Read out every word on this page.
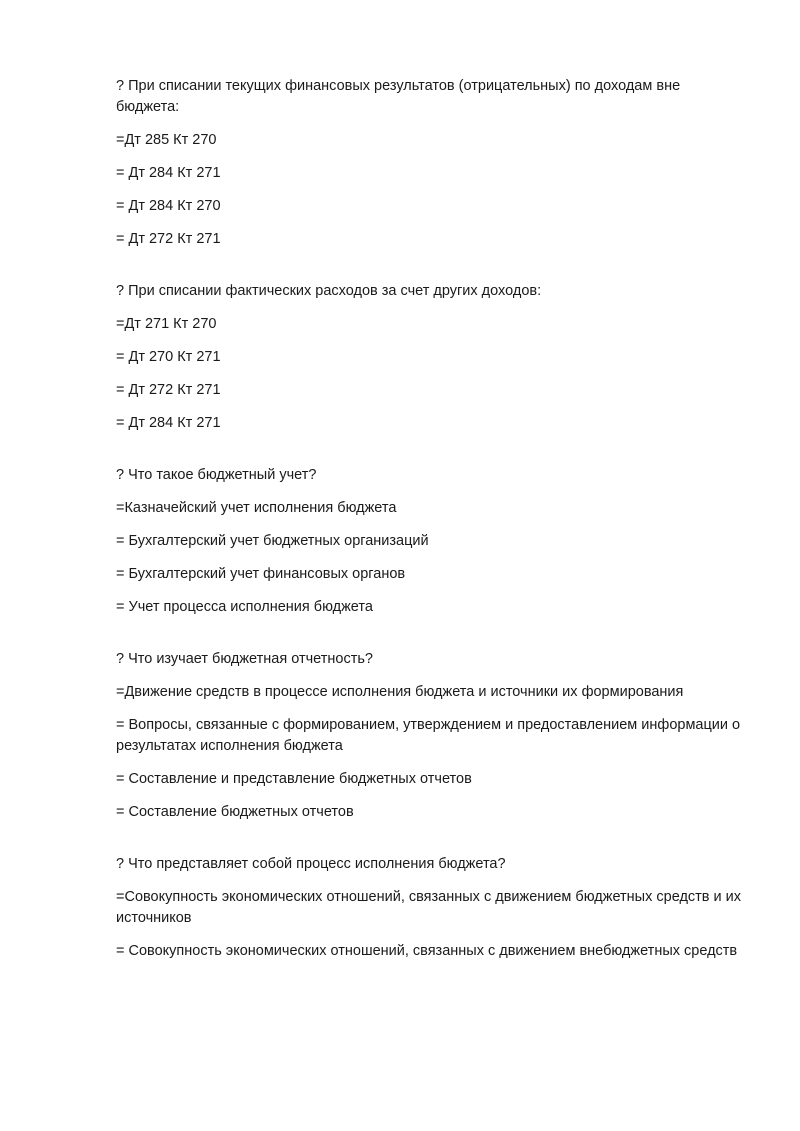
? При списании текущих финансовых результатов (отрицательных) по доходам вне бюджета:
=Дт 285 Кт 270
= Дт 284 Кт 271
= Дт 284 Кт 270
= Дт 272 Кт 271
? При списании фактических расходов за счет других доходов:
=Дт 271 Кт 270
= Дт 270 Кт 271
= Дт 272 Кт 271
= Дт 284 Кт 271
? Что такое бюджетный учет?
=Казначейский учет исполнения бюджета
= Бухгалтерский учет бюджетных организаций
= Бухгалтерский учет финансовых органов
= Учет процесса исполнения бюджета
? Что изучает бюджетная отчетность?
=Движение средств в процессе исполнения бюджета и источники их формирования
= Вопросы, связанные с формированием, утверждением и предоставлением информации о результатах исполнения бюджета
= Составление и представление бюджетных отчетов
= Составление бюджетных отчетов
? Что представляет собой процесс исполнения бюджета?
=Совокупность экономических отношений, связанных с движением бюджетных средств и их источников
= Совокупность экономических отношений, связанных с движением внебюджетных средств
